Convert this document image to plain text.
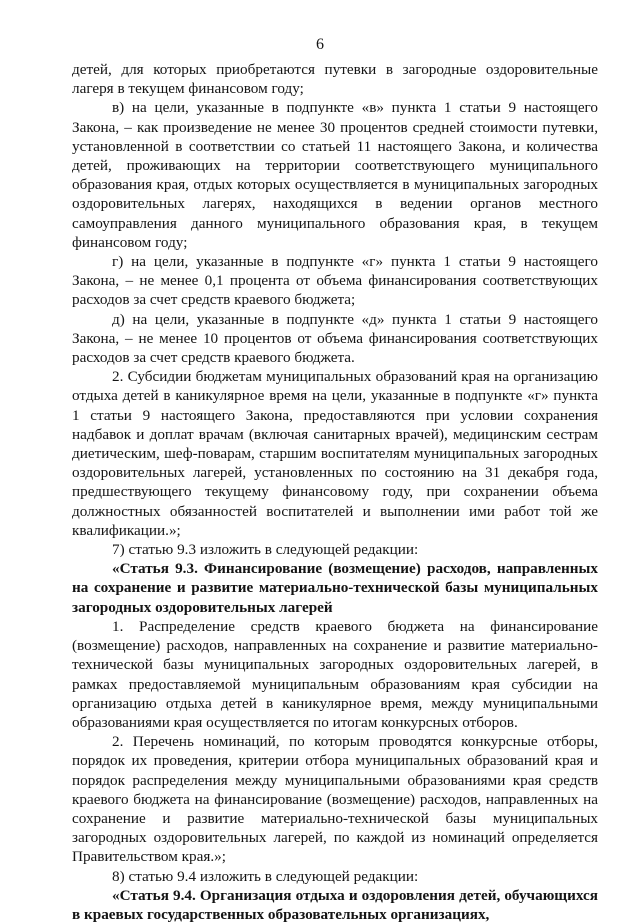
6

детей, для которых приобретаются путевки в загородные оздоровительные лагеря в текущем финансовом году;

в) на цели, указанные в подпункте «в» пункта 1 статьи 9 настоящего Закона, – как произведение не менее 30 процентов средней стоимости путевки, установленной в соответствии со статьей 11 настоящего Закона, и количества детей, проживающих на территории соответствующего муниципального образования края, отдых которых осуществляется в муниципальных загородных оздоровительных лагерях, находящихся в ведении органов местного самоуправления данного муниципального образования края, в текущем финансовом году;

г) на цели, указанные в подпункте «г» пункта 1 статьи 9 настоящего Закона, – не менее 0,1 процента от объема финансирования соответствующих расходов за счет средств краевого бюджета;

д) на цели, указанные в подпункте «д» пункта 1 статьи 9 настоящего Закона, – не менее 10 процентов от объема финансирования соответствующих расходов за счет средств краевого бюджета.

2. Субсидии бюджетам муниципальных образований края на организацию отдыха детей в каникулярное время на цели, указанные в подпункте «г» пункта 1 статьи 9 настоящего Закона, предоставляются при условии сохранения надбавок и доплат врачам (включая санитарных врачей), медицинским сестрам диетическим, шеф-поварам, старшим воспитателям муниципальных загородных оздоровительных лагерей, установленных по состоянию на 31 декабря года, предшествующего текущему финансовому году, при сохранении объема должностных обязанностей воспитателей и выполнении ими работ той же квалификации.»;

7) статью 9.3 изложить в следующей редакции:

«Статья 9.3. Финансирование (возмещение) расходов, направленных на сохранение и развитие материально-технической базы муниципальных загородных оздоровительных лагерей

1. Распределение средств краевого бюджета на финансирование (возмещение) расходов, направленных на сохранение и развитие материально-технической базы муниципальных загородных оздоровительных лагерей, в рамках предоставляемой муниципальным образованиям края субсидии на организацию отдыха детей в каникулярное время, между муниципальными образованиями края осуществляется по итогам конкурсных отборов.

2. Перечень номинаций, по которым проводятся конкурсные отборы, порядок их проведения, критерии отбора муниципальных образований края и порядок распределения между муниципальными образованиями края средств краевого бюджета на финансирование (возмещение) расходов, направленных на сохранение и развитие материально-технической базы муниципальных загородных оздоровительных лагерей, по каждой из номинаций определяется Правительством края.»;

8) статью 9.4 изложить в следующей редакции:

«Статья 9.4. Организация отдыха и оздоровления детей, обучающихся в краевых государственных образовательных организациях,
